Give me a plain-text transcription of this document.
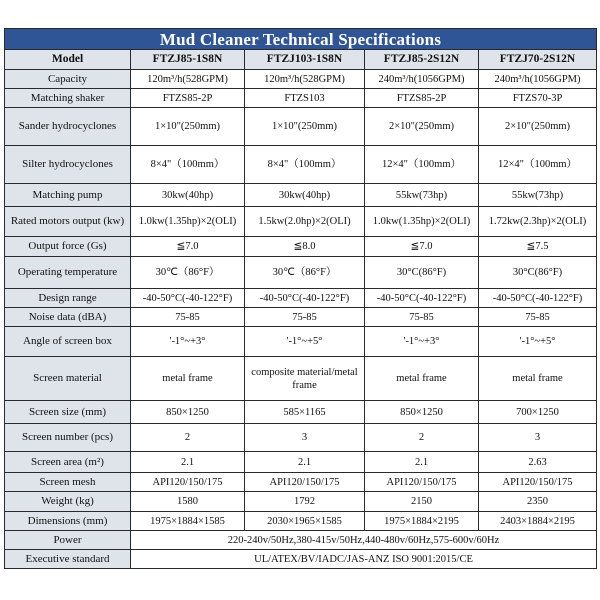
Mud Cleaner Technical Specifications				
Model	FTZJ85-1S8N	FTZJ103-1S8N	FTZJ85-2S12N	FTZJ70-2S12N
Capacity	120m³/h(528GPM)	120m³/h(528GPM)	240m³/h(1056GPM)	240m³/h(1056GPM)
Matching shaker	FTZS85-2P	FTZS103	FTZS85-2P	FTZS70-3P
Sander hydrocyclones	1×10"(250mm)	1×10"(250mm)	2×10"(250mm)	2×10"(250mm)
Silter hydrocyclones	8×4"（100mm）	8×4"（100mm）	12×4"（100mm）	12×4"（100mm）
Matching pump	30kw(40hp)	30kw(40hp)	55kw(73hp)	55kw(73hp)
Rated motors output (kw)	1.0kw(1.35hp)×2(OLI)	1.5kw(2.0hp)×2(OLI)	1.0kw(1.35hp)×2(OLI)	1.72kw(2.3hp)×2(OLI)
Output force (Gs)	≦7.0	≦8.0	≦7.0	≦7.5
Operating temperature	30℃（86°F）	30℃（86°F）	30°C(86°F)	30°C(86°F)
Design range	-40-50°C(-40-122°F)	-40-50°C(-40-122°F)	-40-50°C(-40-122°F)	-40-50°C(-40-122°F)
Noise data (dBA)	75-85	75-85	75-85	75-85
Angle of screen box	'-1°~+3°	'-1°~+5°	'-1°~+3°	'-1°~+5°
Screen material	metal frame	composite material/metal frame	metal frame	metal frame
Screen size (mm)	850×1250	585×1165	850×1250	700×1250
Screen number (pcs)	2	3	2	3
Screen area (m²)	2.1	2.1	2.1	2.63
Screen mesh	API120/150/175	API120/150/175	API120/150/175	API120/150/175
Weight (kg)	1580	1792	2150	2350
Dimensions (mm)	1975×1884×1585	2030×1965×1585	1975×1884×2195	2403×1884×2195
Power	220-240v/50Hz,380-415v/50Hz,440-480v/60Hz,575-600v/60Hz			
Executive standard	UL/ATEX/BV/IADC/JAS-ANZ ISO 9001:2015/CE			
